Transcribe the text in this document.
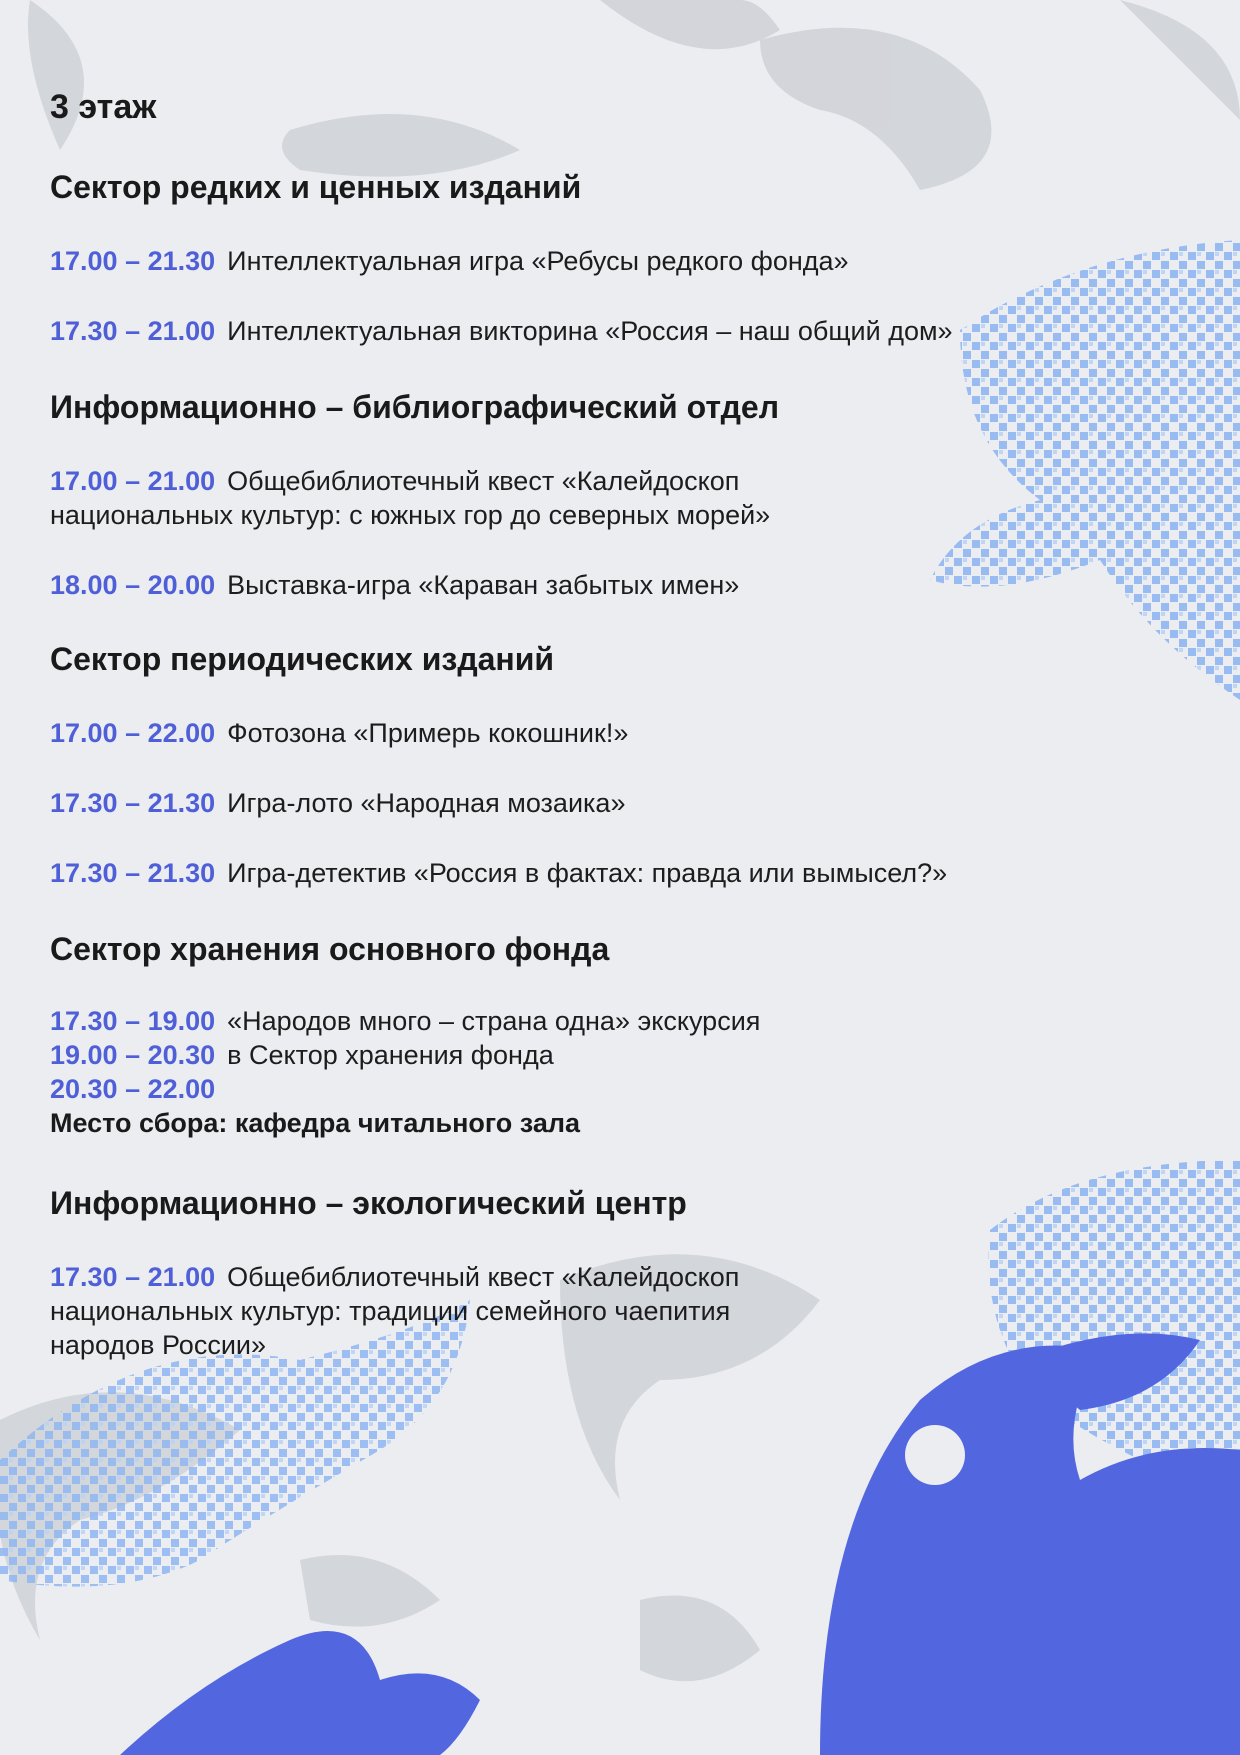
3 этаж
Сектор редких и ценных изданий
17.00 – 21.30 Интеллектуальная игра «Ребусы редкого фонда»
17.30 – 21.00 Интеллектуальная викторина «Россия – наш общий дом»
Информационно – библиографический отдел
17.00 – 21.00 Общебиблиотечный квест «Калейдоскоп
национальных культур: с южных гор до северных морей»
18.00 – 20.00 Выставка-игра «Караван забытых имен»
Сектор периодических изданий
17.00 – 22.00 Фотозона «Примерь кокошник!»
17.30 – 21.30 Игра-лото «Народная мозаика»
17.30 – 21.30 Игра-детектив «Россия в фактах: правда или вымысел?»
Сектор хранения основного фонда
17.30 – 19.00 «Народов много – страна одна» экскурсия
19.00 – 20.30 в Сектор хранения фонда
20.30 – 22.00
Место сбора: кафедра читального зала
Информационно – экологический центр
17.30 – 21.00 Общебиблиотечный квест «Калейдоскоп
национальных культур: традиции семейного чаепития
народов России»
